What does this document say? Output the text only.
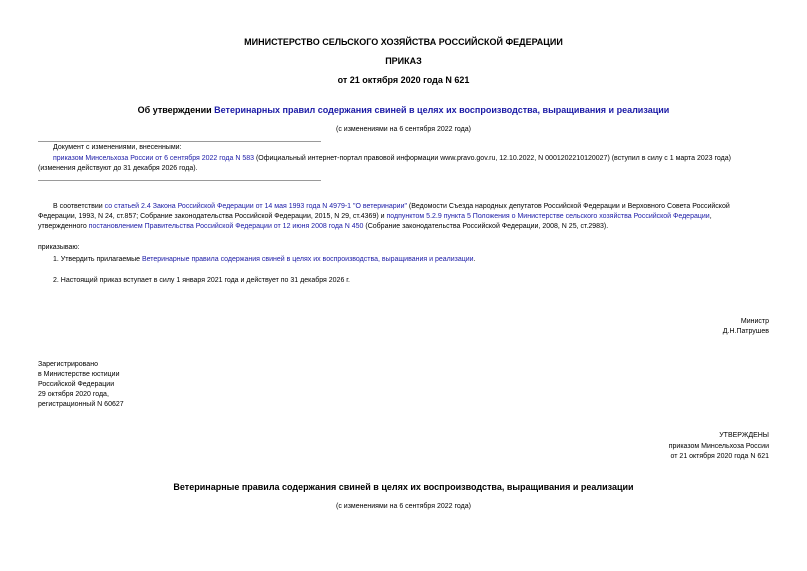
МИНИСТЕРСТВО СЕЛЬСКОГО ХОЗЯЙСТВА РОССИЙСКОЙ ФЕДЕРАЦИИ
ПРИКАЗ
от 21 октября 2020 года N 621
Об утверждении Ветеринарных правил содержания свиней в целях их воспроизводства, выращивания и реализации
(с изменениями на 6 сентября 2022 года)
Документ с изменениями, внесенными:
приказом Минсельхоза России от 6 сентября 2022 года N 583 (Официальный интернет-портал правовой информации www.pravo.gov.ru, 12.10.2022, N 0001202210120027) (вступил в силу с 1 марта 2023 года)
(изменения действуют до 31 декабря 2026 года).
В соответствии со статьей 2.4 Закона Российской Федерации от 14 мая 1993 года N 4979-1 "О ветеринарии" (Ведомости Съезда народных депутатов Российской Федерации и Верховного Совета Российской
Федерации, 1993, N 24, ст.857; Собрание законодательства Российской Федерации, 2015, N 29, ст.4369) и подпунктом 5.2.9 пункта 5 Положения о Министерстве сельского хозяйства Российской Федерации,
утвержденного постановлением Правительства Российской Федерации от 12 июня 2008 года N 450 (Собрание законодательства Российской Федерации, 2008, N 25, ст.2983).
приказываю:
1. Утвердить прилагаемые Ветеринарные правила содержания свиней в целях их воспроизводства, выращивания и реализации.
2. Настоящий приказ вступает в силу 1 января 2021 года и действует по 31 декабря 2026 г.
Министр
Д.Н.Патрушев
Зарегистрировано
в Министерстве юстиции
Российской Федерации
29 октября 2020 года,
регистрационный N 60627
УТВЕРЖДЕНЫ
приказом Минсельхоза России
от 21 октября 2020 года N 621
Ветеринарные правила содержания свиней в целях их воспроизводства, выращивания и реализации
(с изменениями на 6 сентября 2022 года)
